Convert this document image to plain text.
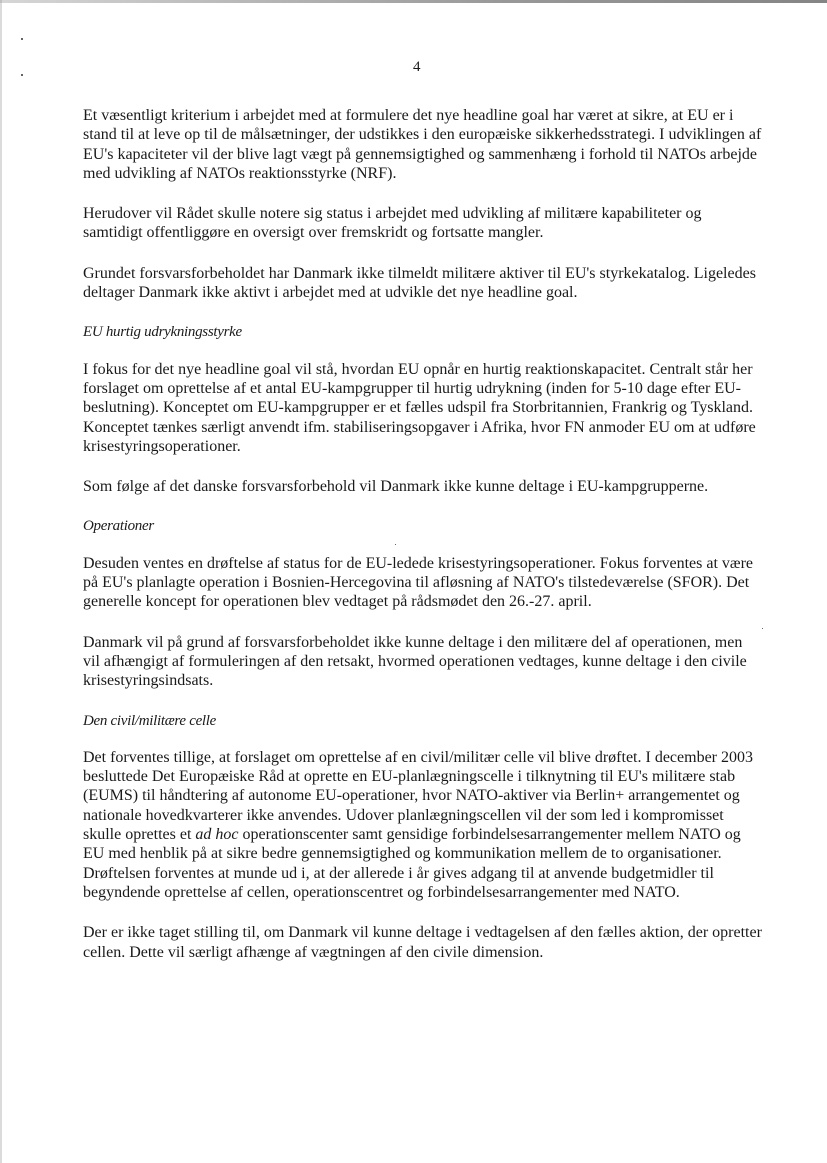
4

Et væsentligt kriterium i arbejdet med at formulere det nye headline goal har været at sikre, at EU er i stand til at leve op til de målsætninger, der udstikkes i den europæiske sikkerhedsstrategi. I udviklingen af EU's kapaciteter vil der blive lagt vægt på gennemsigtighed og sammenhæng i forhold til NATOs arbejde med udvikling af NATOs reaktionsstyrke (NRF).

Herudover vil Rådet skulle notere sig status i arbejdet med udvikling af militære kapabiliteter og samtidigt offentliggøre en oversigt over fremskridt og fortsatte mangler.

Grundet forsvarsforbeholdet har Danmark ikke tilmeldt militære aktiver til EU's styrkekatalog. Ligeledes deltager Danmark ikke aktivt i arbejdet med at udvikle det nye headline goal.

EU hurtig udrykningsstyrke

I fokus for det nye headline goal vil stå, hvordan EU opnår en hurtig reaktionskapacitet. Centralt står her forslaget om oprettelse af et antal EU-kampgrupper til hurtig udrykning (inden for 5-10 dage efter EU-beslutning). Konceptet om EU-kampgrupper er et fælles udspil fra Storbritannien, Frankrig og Tyskland. Konceptet tænkes særligt anvendt ifm. stabiliseringsopgaver i Afrika, hvor FN anmoder EU om at udføre krisestyringsoperationer.

Som følge af det danske forsvarsforbehold vil Danmark ikke kunne deltage i EU-kampgrupperne.

Operationer

Desuden ventes en drøftelse af status for de EU-ledede krisestyringsoperationer. Fokus forventes at være på EU's planlagte operation i Bosnien-Hercegovina til afløsning af NATO's tilstedeværelse (SFOR). Det generelle koncept for operationen blev vedtaget på rådsmødet den 26.-27. april.

Danmark vil på grund af forsvarsforbeholdet ikke kunne deltage i den militære del af operationen, men vil afhængigt af formuleringen af den retsakt, hvormed operationen vedtages, kunne deltage i den civile krisestyringsindsats.

Den civil/militære celle

Det forventes tillige, at forslaget om oprettelse af en civil/militær celle vil blive drøftet. I december 2003 besluttede Det Europæiske Råd at oprette en EU-planlægningscelle i tilknytning til EU's militære stab (EUMS) til håndtering af autonome EU-operationer, hvor NATO-aktiver via Berlin+ arrangementet og nationale hovedkvarterer ikke anvendes. Udover planlægningscellen vil der som led i kompromisset skulle oprettes et ad hoc operationscenter samt gensidige forbindelsesarrangementer mellem NATO og EU med henblik på at sikre bedre gennemsigtighed og kommunikation mellem de to organisationer. Drøftelsen forventes at munde ud i, at der allerede i år gives adgang til at anvende budgetmidler til begyndende oprettelse af cellen, operationscentret og forbindelsesarrangementer med NATO.

Der er ikke taget stilling til, om Danmark vil kunne deltage i vedtagelsen af den fælles aktion, der opretter cellen. Dette vil særligt afhænge af vægtningen af den civile dimension.
